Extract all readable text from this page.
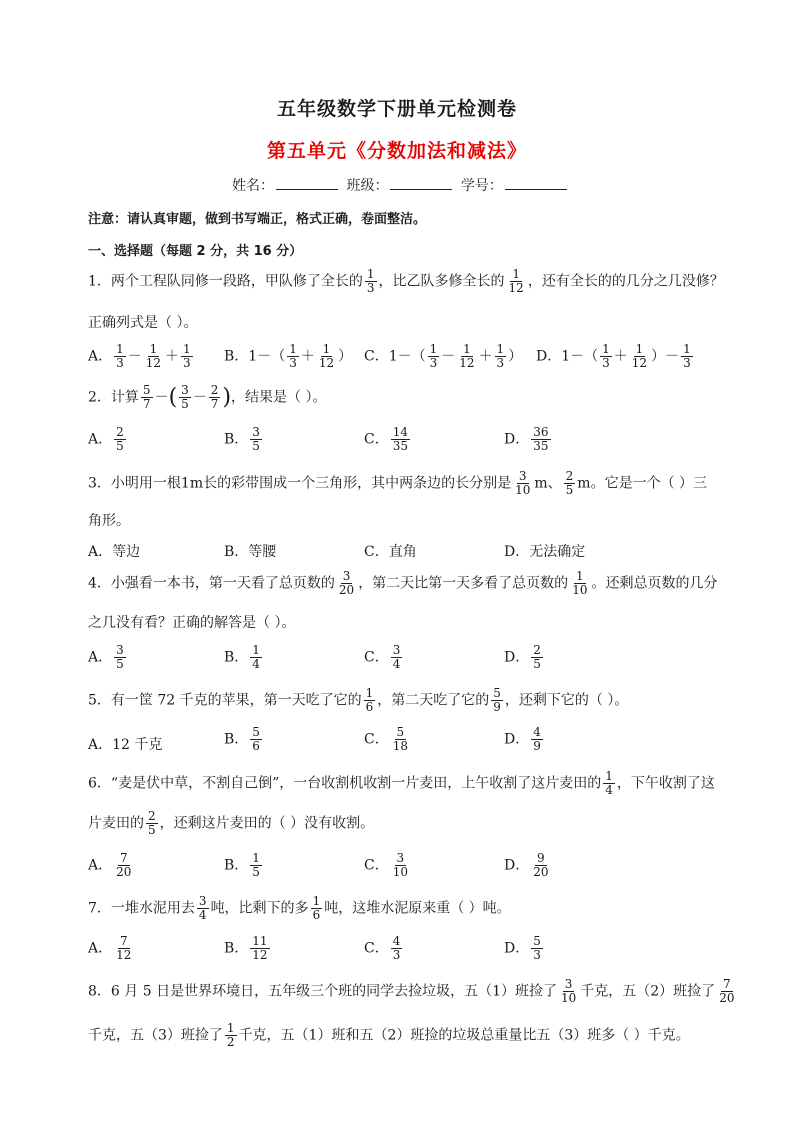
五年级数学下册单元检测卷
第五单元《分数加法和减法》
姓名：	班级：	学号：
注意：请认真审题，做到书写端正，格式正确，卷面整洁。
一、选择题（每题 2 分，共 16 分）
1．两个工程队同修一段路，甲队修了全长的 $\frac{1}{3}$ ，比乙队多修全长的 $\frac{1}{12}$ ，还有全长的的几分之几没修？
正确列式是（ ）。
A． $\frac{1}{3} - \frac{1}{12} + \frac{1}{3}$ B．$1-( \frac{1}{3} + \frac{1}{12}$ ） C．$1-( \frac{1}{3} - \frac{1}{12} + \frac{1}{3}$ ） D．$1-( \frac{1}{3} + \frac{1}{12}$ ）－ $\frac{1}{3}$
2．计算 $\frac{5}{7}$ －( $\frac{3}{5} - \frac{2}{7}$ )，结果是（ ）。
A． $\frac{2}{5}$	B． $\frac{3}{5}$	C． $\frac{14}{35}$	D． $\frac{36}{35}$
3．小明用一根1m长的彩带围成一个三角形，其中两条边的长分别是 $\frac{3}{10}$ m、 $\frac{2}{5}$ m。它是一个（ ）三
角形。
A．等边	B．等腰	C．直角	D．无法确定
4．小强看一本书，第一天看了总页数的 $\frac{3}{20}$ ，第二天比第一天多看了总页数的 $\frac{1}{10}$ 。还剩总页数的几分
之几没有看？正确的解答是（ ）。
A． $\frac{3}{5}$	B． $\frac{1}{4}$	C． $\frac{3}{4}$	D． $\frac{2}{5}$
5．有一筐 72 千克的苹果，第一天吃了它的 $\frac{1}{6}$ ，第二天吃了它的 $\frac{5}{9}$ ，还剩下它的（ ）。
A．12 千克	B． $\frac{5}{6}$	C． $\frac{5}{18}$	D． $\frac{4}{9}$
6．“麦是伏中草，不割自己倒”，一台收割机收割一片麦田，上午收割了这片麦田的 $\frac{1}{4}$ ，下午收割了这
片麦田的 $\frac{2}{5}$ ，还剩这片麦田的（ ）没有收割。
A． $\frac{7}{20}$	B． $\frac{1}{5}$	C． $\frac{3}{10}$	D． $\frac{9}{20}$
7．一堆水泥用去 $\frac{3}{4}$ 吨，比剩下的多 $\frac{1}{6}$ 吨，这堆水泥原来重（ ）吨。
A． $\frac{7}{12}$	B． $\frac{11}{12}$	C． $\frac{4}{3}$	D． $\frac{5}{3}$
8．6 月 5 日是世界环境日，五年级三个班的同学去捡垃圾，五（1）班捡了 $\frac{3}{10}$ 千克，五（2）班捡了 $\frac{7}{20}$
千克，五（3）班捡了 $\frac{1}{2}$ 千克，五（1）班和五（2）班捡的垃圾总重量比五（3）班多（ ）千克。
